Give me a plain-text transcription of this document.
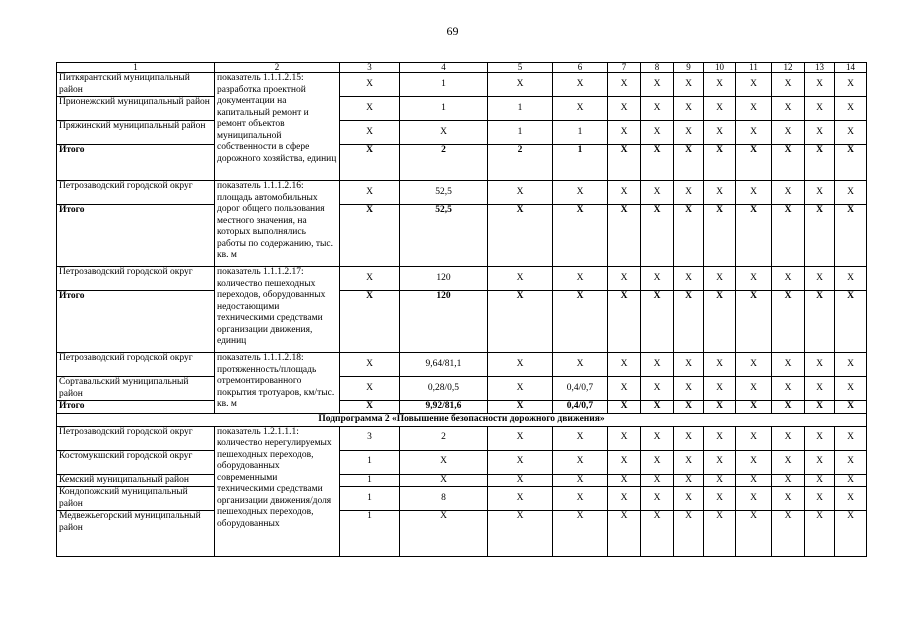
69
1	2	3	4	5	6	7	8	9	10	11	12	13	14
Питкярантский муниципальный район	показатель 1.1.1.2.15: разработка проектной документации на капитальный ремонт и ремонт объектов муниципальной собственности в сфере дорожного хозяйства, единиц	Х	1	Х	Х	Х	Х	Х	Х	Х	Х	Х	Х
Прионежский муниципальный район		Х	1	1	Х	Х	Х	Х	Х	Х	Х	Х	Х
Пряжинский муниципальный район		Х	Х	1	1	Х	Х	Х	Х	Х	Х	Х	Х
Итого		Х	2	2	1	Х	Х	Х	Х	Х	Х	Х	Х
Петрозаводский городской округ	показатель 1.1.1.2.16: площадь автомобильных дорог общего пользования местного значения, на которых выполнялись работы по содержанию, тыс. кв. м	Х	52,5	Х	Х	Х	Х	Х	Х	Х	Х	Х	Х
Итого		Х	52,5	Х	Х	Х	Х	Х	Х	Х	Х	Х	Х
Петрозаводский городской округ	показатель 1.1.1.2.17: количество пешеходных переходов, оборудованных недостающими техническими средствами организации движения, единиц	Х	120	Х	Х	Х	Х	Х	Х	Х	Х	Х	Х
Итого		Х	120	Х	Х	Х	Х	Х	Х	Х	Х	Х	Х
Петрозаводский городской округ	показатель 1.1.1.2.18: протяженность/площадь отремонтированного покрытия тротуаров, км/тыс. кв. м	Х	9,64/81,1	Х	Х	Х	Х	Х	Х	Х	Х	Х	Х
Сортавальский муниципальный район		Х	0,28/0,5	Х	0,4/0,7	Х	Х	Х	Х	Х	Х	Х	Х
Итого		Х	9,92/81,6	Х	0,4/0,7	Х	Х	Х	Х	Х	Х	Х	Х
Подпрограмма 2 «Повышение безопасности дорожного движения»													
Петрозаводский городской округ	показатель 1.2.1.1.1: количество нерегулируемых пешеходных переходов, оборудованных современными техническими средствами организации движения/доля пешеходных переходов, оборудованных	3	2	Х	Х	Х	Х	Х	Х	Х	Х	Х	Х
Костомукшский городской округ		1	Х	Х	Х	Х	Х	Х	Х	Х	Х	Х	Х
Кемский муниципальный район		1	Х	Х	Х	Х	Х	Х	Х	Х	Х	Х	Х
Кондопожский муниципальный район		1	8	Х	Х	Х	Х	Х	Х	Х	Х	Х	Х
Медвежьегорский муниципальный район		1	Х	Х	Х	Х	Х	Х	Х	Х	Х	Х	Х
